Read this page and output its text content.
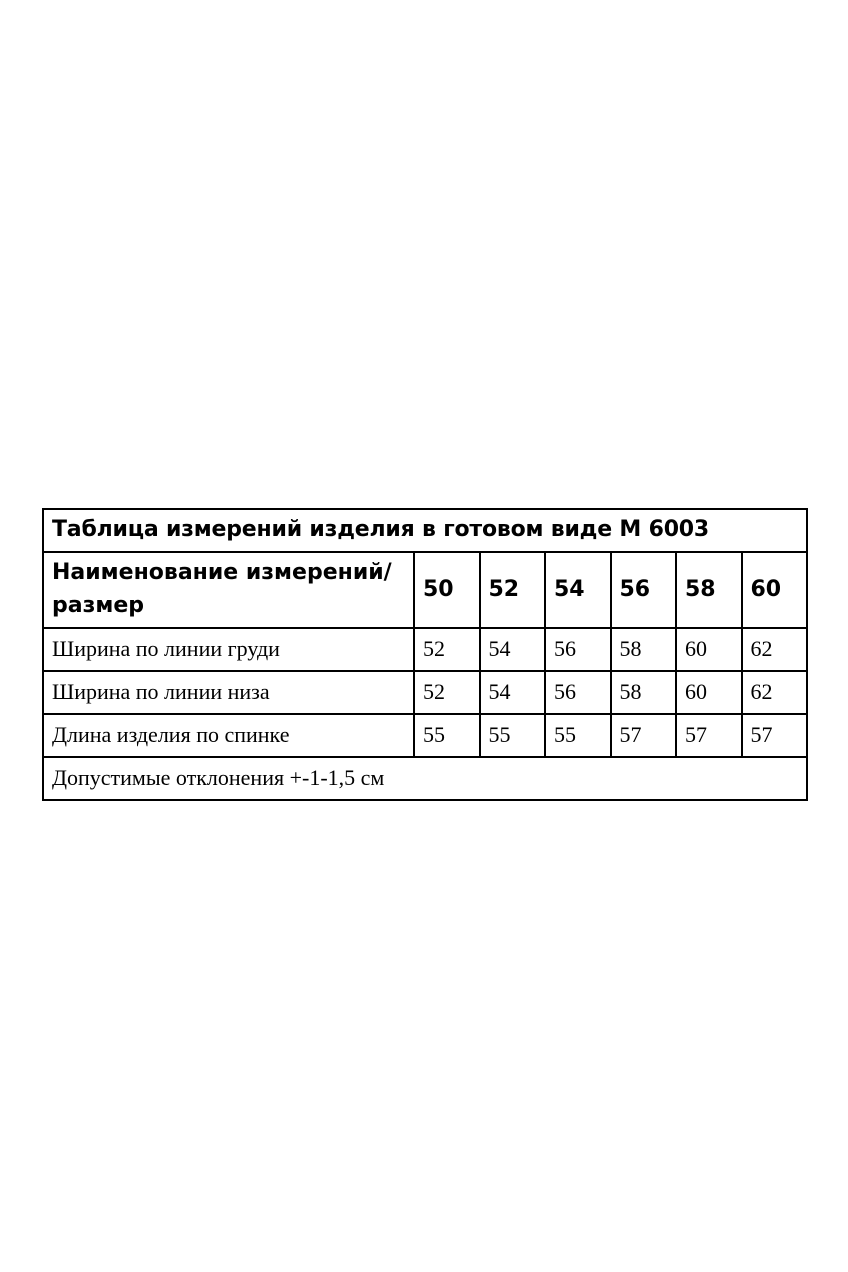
Таблица измерений изделия в готовом виде М 6003						
Наименование измерений/размер	50	52	54	56	58	60
Ширина по линии груди	52	54	56	58	60	62
Ширина по линии низа	52	54	56	58	60	62
Длина изделия по спинке	55	55	55	57	57	57
Допустимые отклонения +-1-1,5 см						
